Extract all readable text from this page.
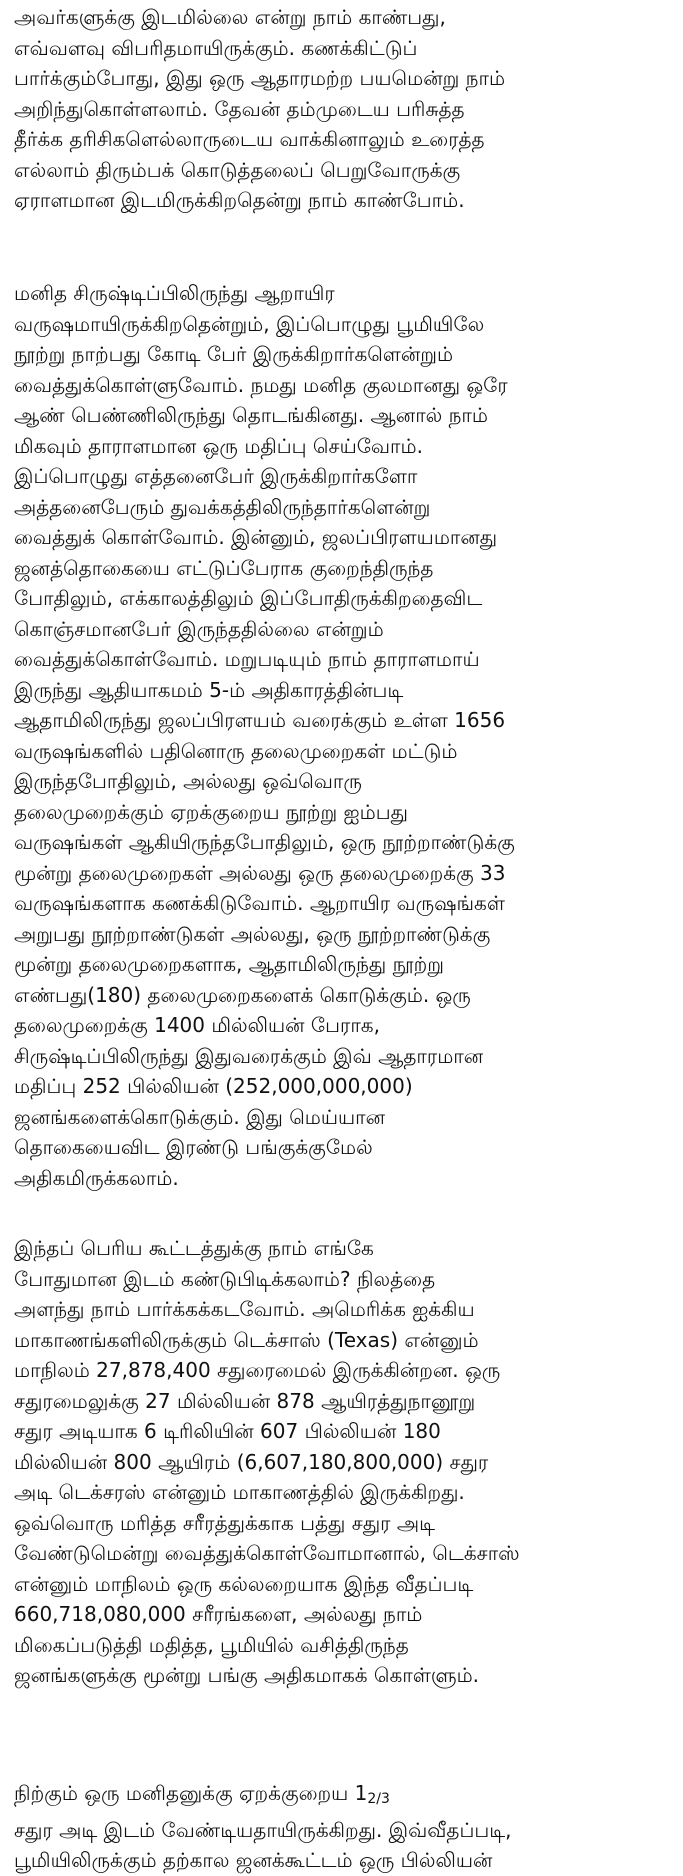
அவர்களுக்கு இடமில்லை என்று நாம் காண்பது,
எவ்வளவு விபரிதமாயிருக்கும். கணக்கிட்டுப்
பார்க்கும்போது, இது ஒரு ஆதாரமற்ற பயமென்று நாம்
அறிந்துகொள்ளலாம். தேவன் தம்முடைய பரிசுத்த
தீர்க்க தரிசிகளெல்லாருடைய வாக்கினாலும் உரைத்த
எல்லாம் திரும்பக் கொடுத்தலைப் பெறுவோருக்கு
ஏராளமான இடமிருக்கிறதென்று நாம் காண்போம்.

மனித சிருஷ்டிப்பிலிருந்து ஆறாயிர
வருஷமாயிருக்கிறதென்றும், இப்பொழுது பூமியிலே
நூற்று நாற்பது கோடி பேர் இருக்கிறார்களென்றும்
வைத்துக்கொள்ளுவோம். நமது மனித குலமானது ஒரே
ஆண் பெண்ணிலிருந்து தொடங்கினது. ஆனால் நாம்
மிகவும் தாராளமான ஒரு மதிப்பு செய்வோம்.
இப்பொழுது எத்தனைபேர் இருக்கிறார்களோ
அத்தனைபேரும் துவக்கத்திலிருந்தார்களென்று
வைத்துக் கொள்வோம். இன்னும், ஜலப்பிரளயமானது
ஜனத்தொகையை எட்டுப்பேராக குறைந்திருந்த
போதிலும், எக்காலத்திலும் இப்போதிருக்கிறதைவிட
கொஞ்சமானபேர் இருந்ததில்லை என்றும்
வைத்துக்கொள்வோம். மறுபடியும் நாம் தாராளமாய்
இருந்து ஆதியாகமம் 5-ம் அதிகாரத்தின்படி
ஆதாமிலிருந்து ஜலப்பிரளயம் வரைக்கும் உள்ள 1656
வருஷங்களில் பதினொரு தலைமுறைகள் மட்டும்
இருந்தபோதிலும், அல்லது ஒவ்வொரு
தலைமுறைக்கும் ஏறக்குறைய நூற்று ஐம்பது
வருஷங்கள் ஆகியிருந்தபோதிலும், ஒரு நூற்றாண்டுக்கு
மூன்று தலைமுறைகள் அல்லது ஒரு தலைமுறைக்கு 33
வருஷங்களாக கணக்கிடுவோம். ஆறாயிர வருஷங்கள்
அறுபது நூற்றாண்டுகள் அல்லது, ஒரு நூற்றாண்டுக்கு
மூன்று தலைமுறைகளாக, ஆதாமிலிருந்து நூற்று
எண்பது(180) தலைமுறைகளைக் கொடுக்கும். ஒரு
தலைமுறைக்கு 1400 மில்லியன் பேராக,
சிருஷ்டிப்பிலிருந்து இதுவரைக்கும் இவ் ஆதாரமான
மதிப்பு 252 பில்லியன் (252,000,000,000)
ஜனங்களைக்கொடுக்கும். இது மெய்யான
தொகையைவிட இரண்டு பங்குக்குமேல்
அதிகமிருக்கலாம்.

இந்தப் பெரிய கூட்டத்துக்கு நாம் எங்கே
போதுமான இடம் கண்டுபிடிக்கலாம்? நிலத்தை
அளந்து நாம் பார்க்கக்கடவோம். அமெரிக்க ஐக்கிய
மாகாணங்களிலிருக்கும் டெக்சாஸ் (Texas) என்னும்
மாநிலம் 27,878,400 சதுரைமைல் இருக்கின்றன. ஒரு
சதுரமைலுக்கு 27 மில்லியன் 878 ஆயிரத்துநானூறு
சதுர அடியாக 6 டிரிலியின் 607 பில்லியன் 180
மில்லியன் 800 ஆயிரம் (6,607,180,800,000) சதுர
அடி டெக்சரஸ் என்னும் மாகாணத்தில் இருக்கிறது.
ஒவ்வொரு மரித்த சரீரத்துக்காக பத்து சதுர அடி
வேண்டுமென்று வைத்துக்கொள்வோமானால், டெக்சாஸ்
என்னும் மாநிலம் ஒரு கல்லறையாக இந்த வீதப்படி
660,718,080,000 சரீரங்களை, அல்லது நாம்
மிகைப்படுத்தி மதித்த, பூமியில் வசித்திருந்த
ஜனங்களுக்கு மூன்று பங்கு அதிகமாகக் கொள்ளும்.

நிற்கும் ஒரு மனிதனுக்கு ஏறக்குறைய $1_{2/3}$
சதுர அடி இடம் வேண்டியதாயிருக்கிறது. இவ்வீதப்படி,
பூமியிலிருக்கும் தற்கால ஜனக்கூட்டம் ஒரு பில்லியன்
